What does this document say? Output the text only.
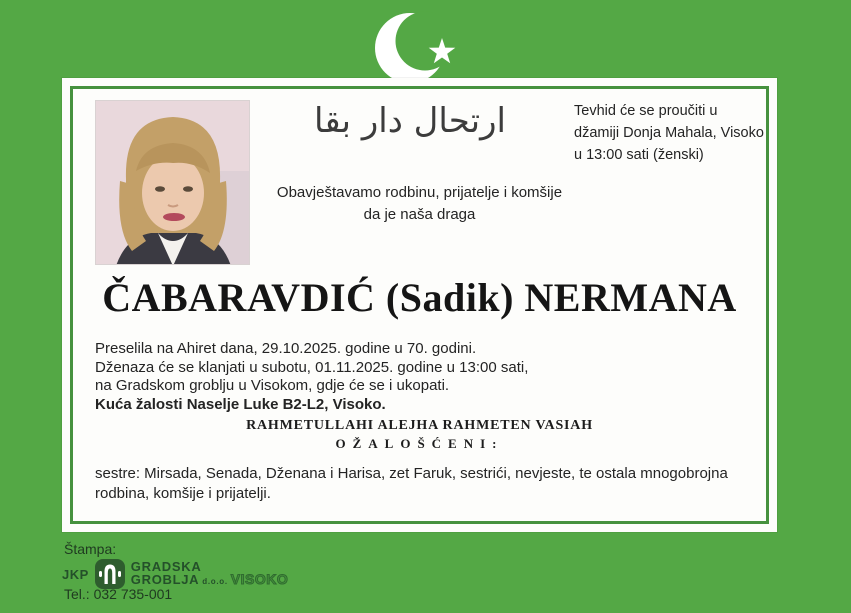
ارتحال دار بقا	Tevhid će se proučiti u
džamiji Donja Mahala, Visoko
u 13:00 sati (ženski)
Obavještavamo rodbinu, prijatelje i komšije
da je naša draga
ČABARAVDIĆ (Sadik) NERMANA
Preselila na Ahiret dana, 29.10.2025. godine u 70. godini.
Dženaza će se klanjati u subotu, 01.11.2025. godine u 13:00 sati,
na Gradskom groblju u Visokom, gdje će se i ukopati.
Kuća žalosti Naselje Luke B2-L2, Visoko.
RAHMETULLAHI ALEJHA RAHMETEN VASIAH
OŽALOŠĆENI:
sestre: Mirsada, Senada, Dženana i Harisa, zet Faruk, sestrići, nevjeste, te ostala mnogobrojna rodbina, komšije i prijatelji.
Štampa:
JKP	GRADSKA
GROBLJA d.o.o. VISOKO
Tel.: 032 735-001
